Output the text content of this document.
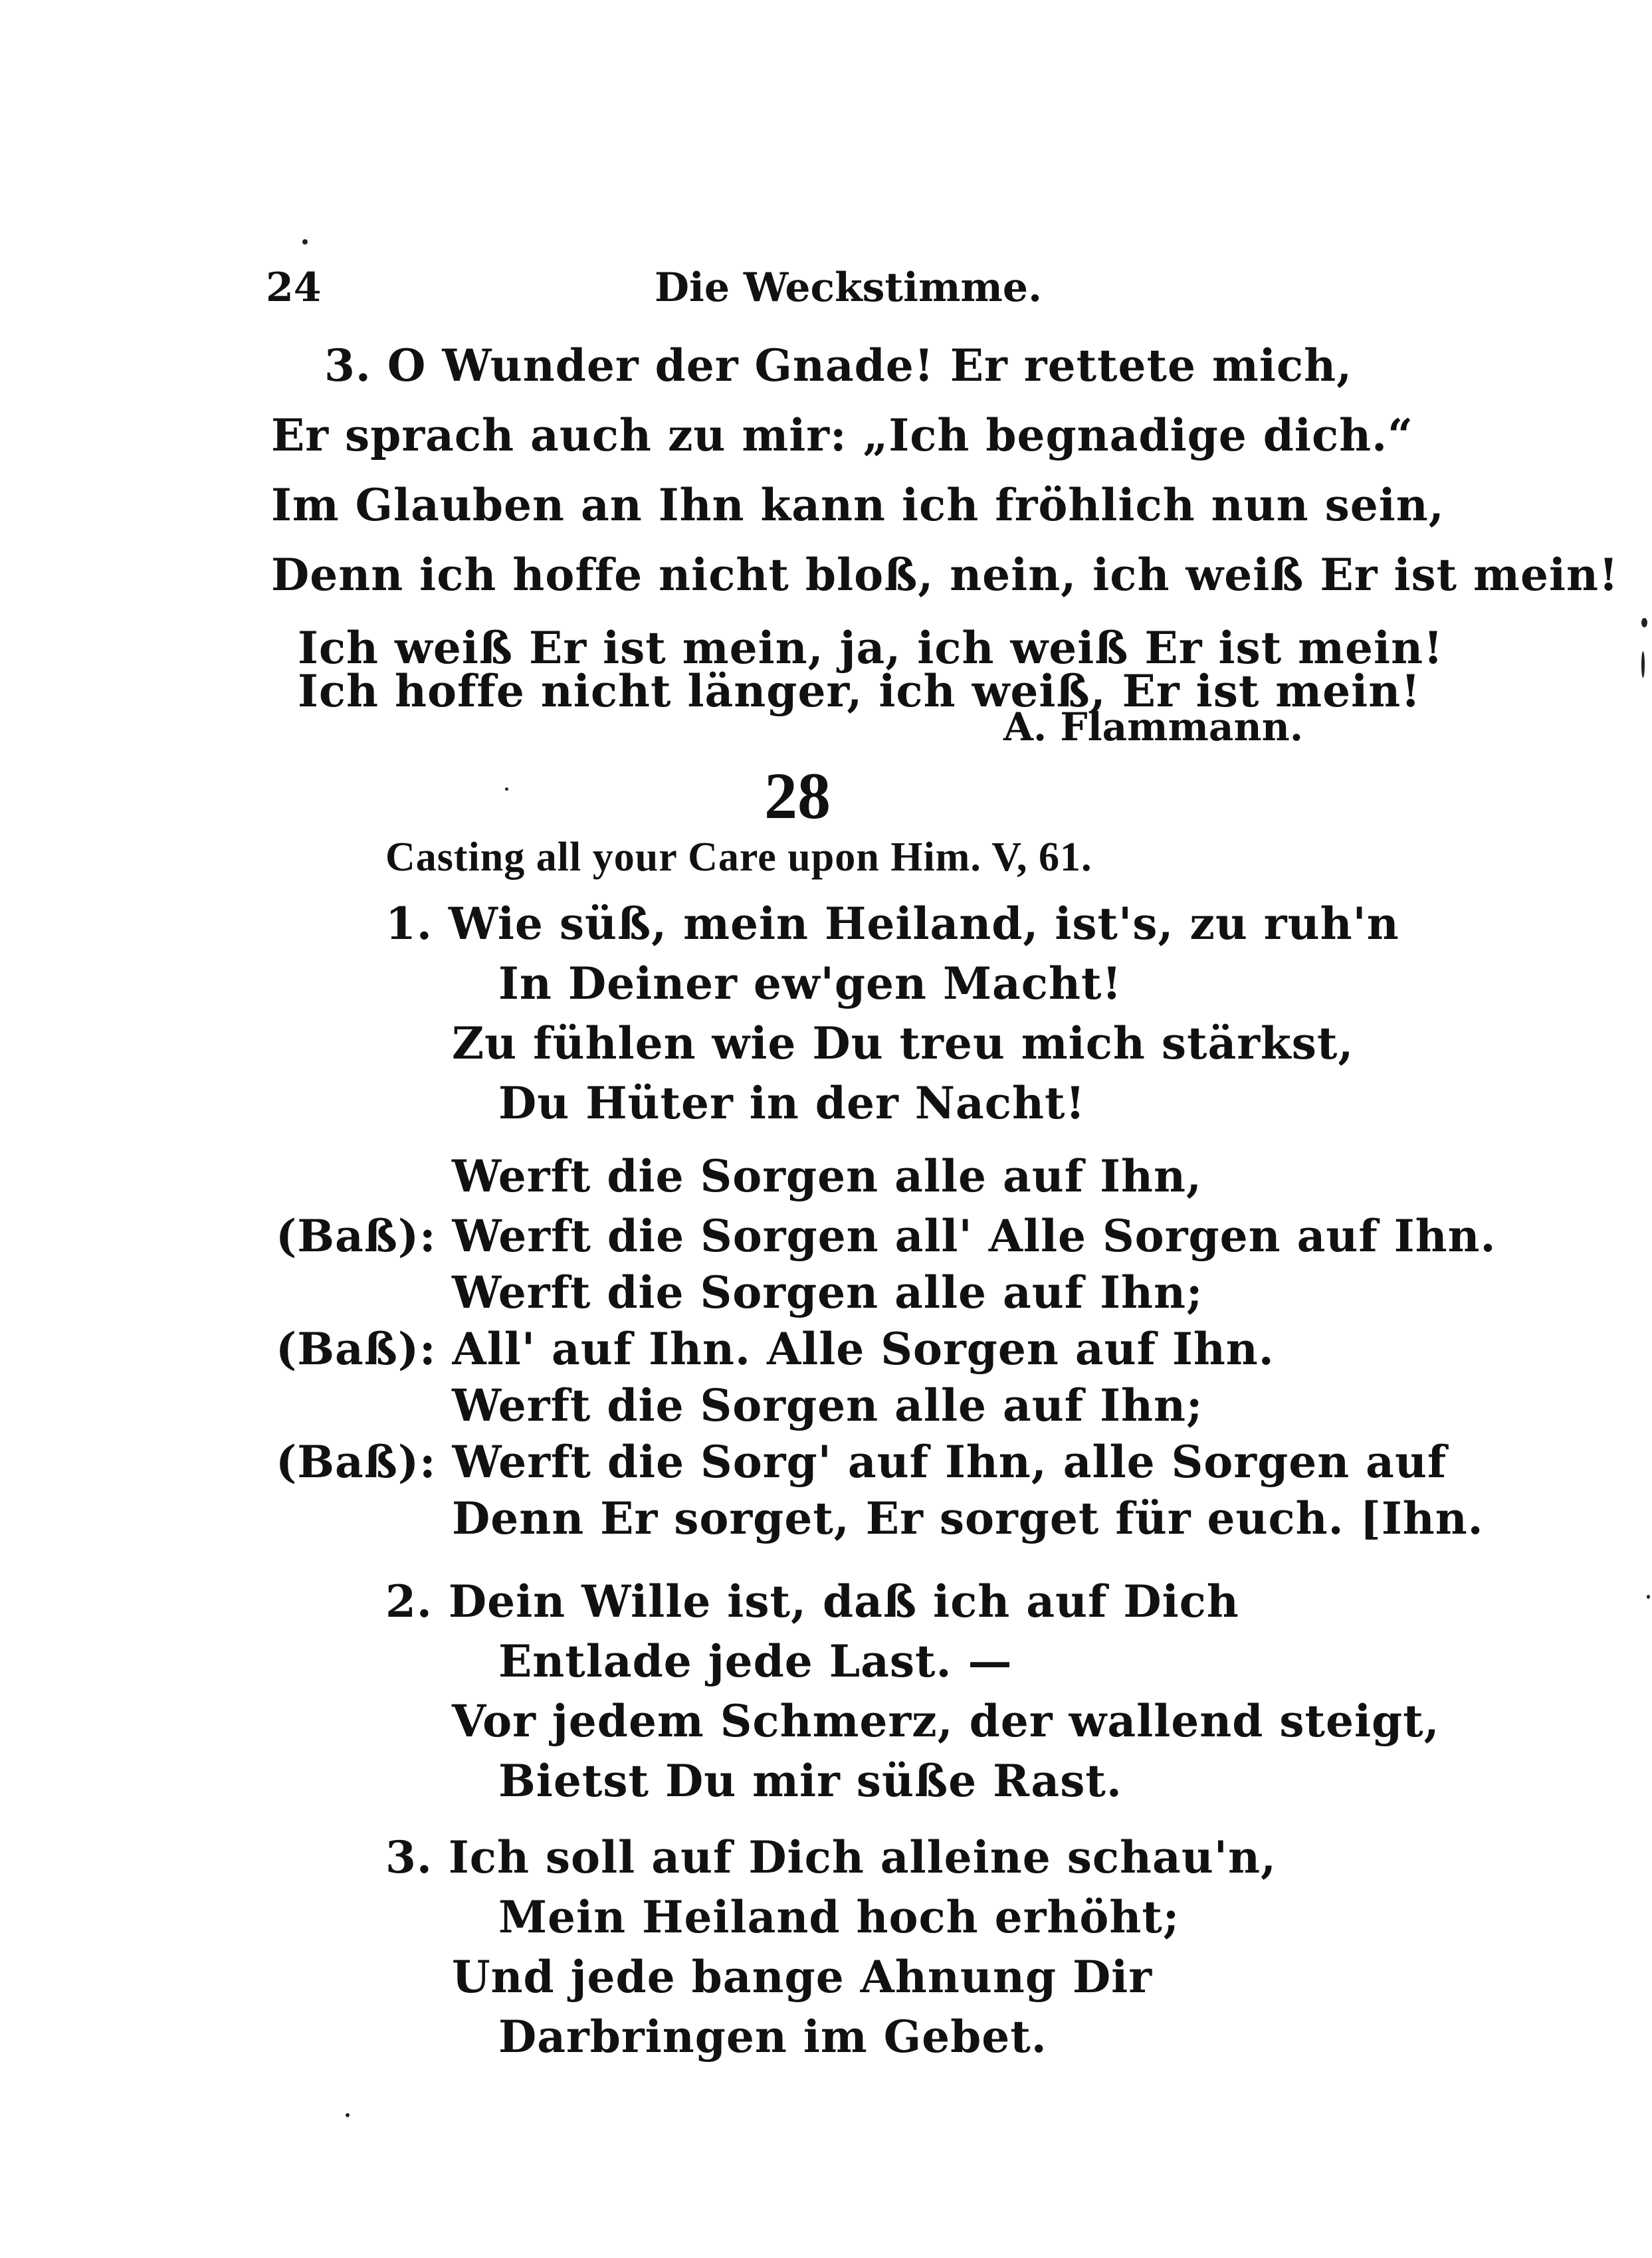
24	Die Weckstimme.
3. O Wunder der Gnade! Er rettete mich,
Er sprach auch zu mir: „Ich begnadige dich.“
Im Glauben an Ihn kann ich fröhlich nun sein,
Denn ich hoffe nicht bloß, nein, ich weiß Er ist mein!
Ich weiß Er ist mein, ja, ich weiß Er ist mein!
Ich hoffe nicht länger, ich weiß, Er ist mein!
A. Flammann.
28
Casting all your Care upon Him. V, 61.
1. Wie süß, mein Heiland, ist's, zu ruh'n
In Deiner ew'gen Macht!
Zu fühlen wie Du treu mich stärkst,
Du Hüter in der Nacht!
Werft die Sorgen alle auf Ihn,
(Baß): Werft die Sorgen all' Alle Sorgen auf Ihn.
Werft die Sorgen alle auf Ihn;
(Baß): All' auf Ihn. Alle Sorgen auf Ihn.
Werft die Sorgen alle auf Ihn;
(Baß): Werft die Sorg' auf Ihn, alle Sorgen auf
Denn Er sorget, Er sorget für euch. [Ihn.
2. Dein Wille ist, daß ich auf Dich
Entlade jede Last. —
Vor jedem Schmerz, der wallend steigt,
Bietst Du mir süße Rast.
3. Ich soll auf Dich alleine schau'n,
Mein Heiland hoch erhöht;
Und jede bange Ahnung Dir
Darbringen im Gebet.
